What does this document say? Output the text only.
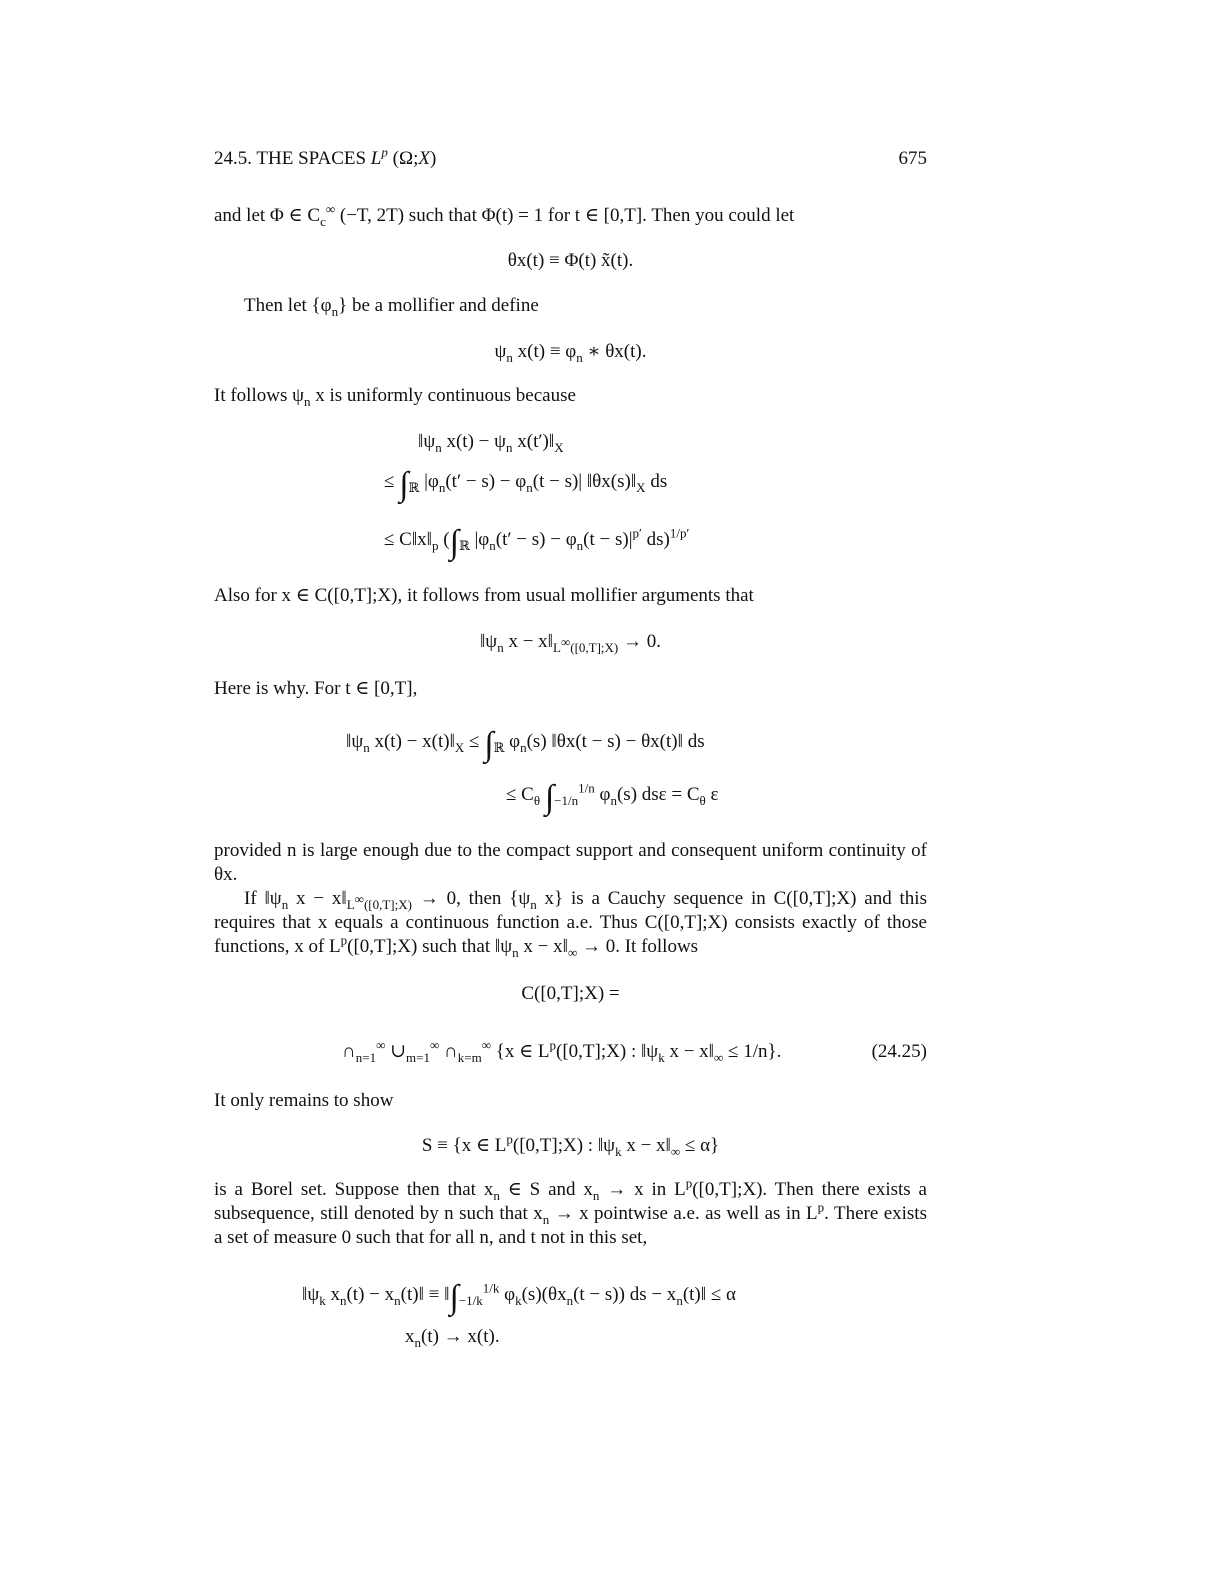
24.5. THE SPACES $L^p$ (Ω;X)	675
and let Φ ∈ $C_c^\infty$ (−T, 2T) such that Φ(t) = 1 for t ∈ [0,T]. Then you could let
θx(t) ≡ Φ(t) x̃(t).
Then let $\{\varphi_n\}$ be a mollifier and define
$\psi_n$ $x(t) \equiv \varphi_n$ ∗ θx(t).
It follows $\psi_n$ x is uniformly continuous because
$‖\psi_n$ $x(t) - \psi_n$ $x(t')‖_X$
≤ $\int_ℝ$ $|\varphi_n(t' - s) - \varphi_n(t - s)|$ $‖\theta x(s)‖_X$ ds
≤ $C‖x‖_p$ ($\int_ℝ$ $|\varphi_n(t' - s) - \varphi_n(t - s)|^{p'}$ ds)$^{1/p'}$
Also for x ∈ C([0,T];X), it follows from usual mollifier arguments that
$‖\psi_n$ $x - x‖_{L^\infty([0,T];X)} \to 0$.
Here is why. For t ∈ [0,T],
$‖\psi_n$ $x(t) - x(t)‖_X \le \int_ℝ$ $\varphi_n(s)$ ‖θx(t − s) − θx(t)‖ ds
≤ $C_\theta$ $\int_{-1/n}^{1/n}$ $\varphi_n(s) ds\varepsilon = C_\theta$ ε
provided n is large enough due to the compact support and consequent uniform continuity of θx.
If $‖\psi_n$ $x - x‖_{L^\infty([0,T];X)} \to 0$, then {$\psi_n$ x} is a Cauchy sequence in C([0,T];X) and this requires that x equals a continuous function a.e. Thus C([0,T];X) consists exactly of those functions, x of $L^p([0,T];X)$ such that $‖\psi_n$ $x - x‖_\infty \to 0$. It follows
C([0,T];X) =
$\cap_{n=1}^\infty$ $\cup_{m=1}^\infty$ $\cap_{k=m}^\infty$ {x ∈ $L^p([0,T];X)$ : $‖\psi_k$ $x - x‖_\infty \le 1/n$}.	(24.25)
It only remains to show
S ≡ {x ∈ $L^p([0,T];X)$ : $‖\psi_k$ $x - x‖_\infty \le \alpha$}
is a Borel set. Suppose then that $x_n$ ∈ S and $x_n \to x$ in $L^p([0,T];X)$. Then there exists a subsequence, still denoted by n such that $x_n \to x$ pointwise a.e. as well as in $L^p$. There exists a set of measure 0 such that for all n, and t not in this set,
$‖\psi_k$ $x_n(t)$ − $x_n(t)‖$ ≡ $‖\int_{-1/k}^{1/k}$ $\varphi_k(s)(\theta x_n(t - s))$ ds − $x_n(t)‖ \le \alpha$
$x_n(t) \to x(t)$.
